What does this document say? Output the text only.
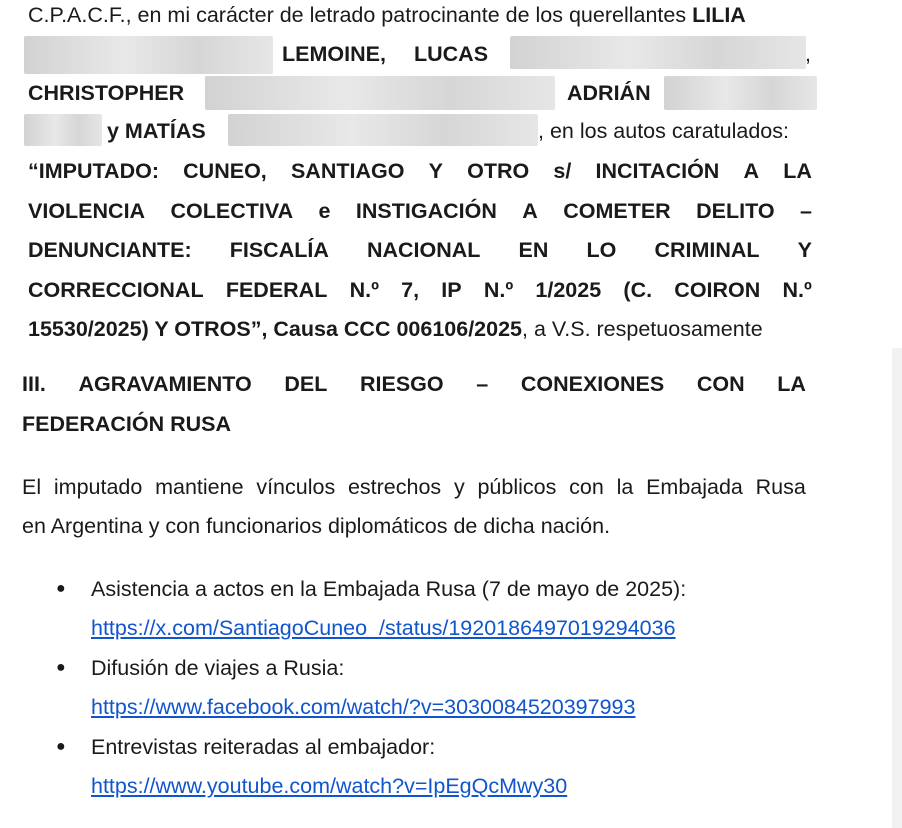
C.P.A.C.F., en mi carácter de letrado patrocinante de los querellantes LILIA
LEMOINE, LUCAS	,
CHRISTOPHER	ADRIÁN
y MATÍAS	, en los autos caratulados:
“IMPUTADO: CUNEO, SANTIAGO Y OTRO s/ INCITACIÓN A LA
VIOLENCIA COLECTIVA e INSTIGACIÓN A COMETER DELITO –
DENUNCIANTE: FISCALÍA NACIONAL EN LO CRIMINAL Y
CORRECCIONAL FEDERAL N.º 7, IP N.º 1/2025 (C. COIRON N.º
15530/2025) Y OTROS”, Causa CCC 006106/2025, a V.S. respetuosamente
III. AGRAVAMIENTO DEL RIESGO – CONEXIONES CON LA
FEDERACIÓN RUSA
El imputado mantiene vínculos estrechos y públicos con la Embajada Rusa
en Argentina y con funcionarios diplomáticos de dicha nación.
● Asistencia a actos en la Embajada Rusa (7 de mayo de 2025):
https://x.com/SantiagoCuneo_/status/1920186497019294036
● Difusión de viajes a Rusia:
https://www.facebook.com/watch/?v=3030084520397993
● Entrevistas reiteradas al embajador:
https://www.youtube.com/watch?v=IpEgQcMwy30
